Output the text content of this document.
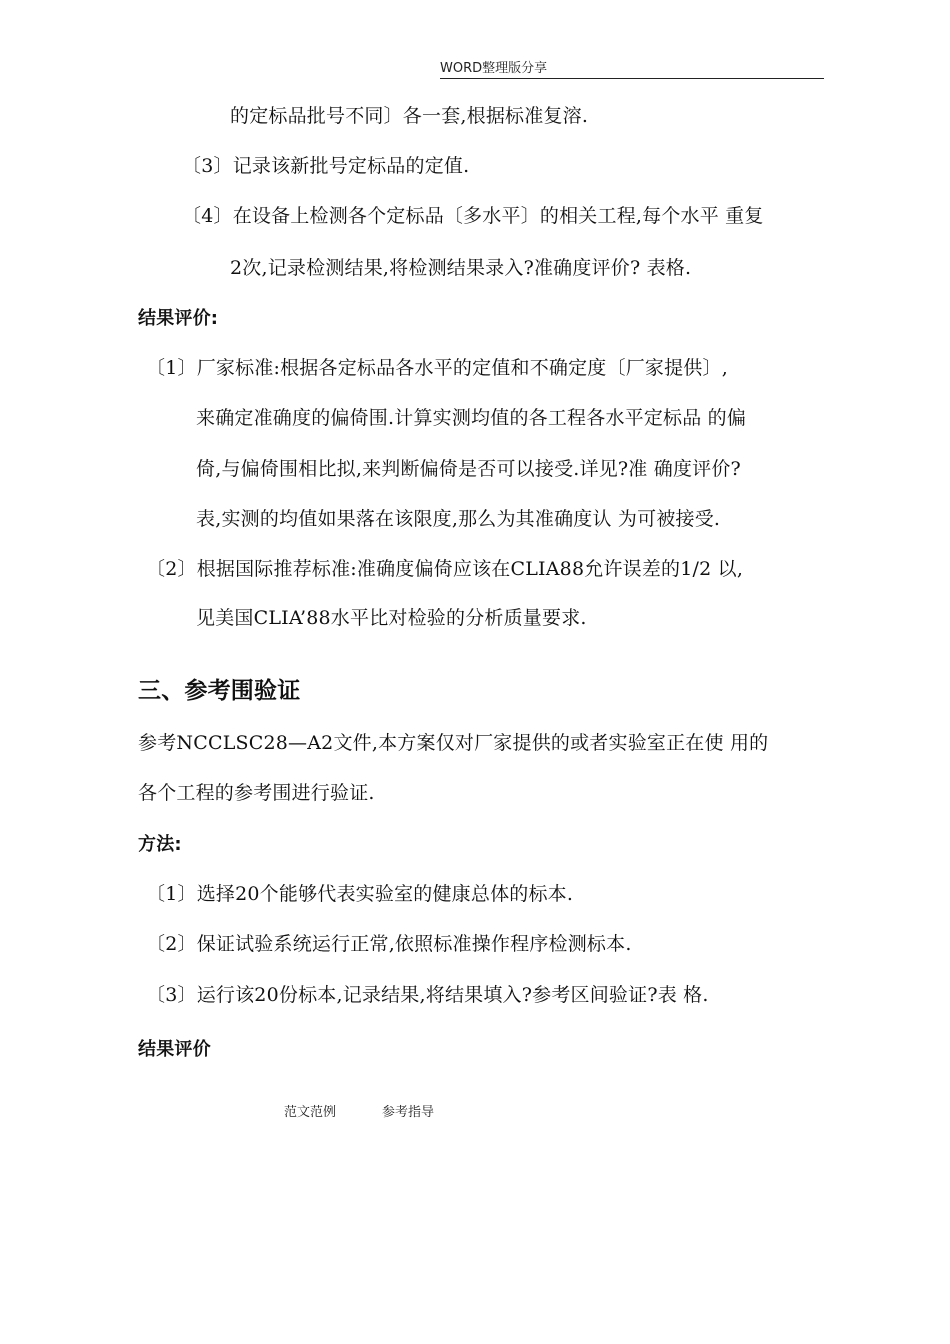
WORD整理版分享
的定标品批号不同〕各一套,根据标准复溶.
〔3〕记录该新批号定标品的定值.
〔4〕在设备上检测各个定标品〔多水平〕的相关工程,每个水平 重复
2次,记录检测结果,将检测结果录入?准确度评价? 表格.
结果评价:
〔1〕厂家标准:根据各定标品各水平的定值和不确定度〔厂家提供〕,
来确定准确度的偏倚围.计算实测均值的各工程各水平定标品 的偏
倚,与偏倚围相比拟,来判断偏倚是否可以接受.详见?准 确度评价?
表,实测的均值如果落在该限度,那么为其准确度认 为可被接受.
〔2〕根据国际推荐标准:准确度偏倚应该在CLIA88允许误差的1/2 以,
见美国CLIA’88水平比对检验的分析质量要求.
三、参考围验证
参考NCCLSC28—A2文件,本方案仅对厂家提供的或者实验室正在使 用的
各个工程的参考围进行验证.
方法:
〔1〕选择20个能够代表实验室的健康总体的标本.
〔2〕保证试验系统运行正常,依照标准操作程序检测标本.
〔3〕运行该20份标本,记录结果,将结果填入?参考区间验证?表 格.
结果评价
范文范例	参考指导
